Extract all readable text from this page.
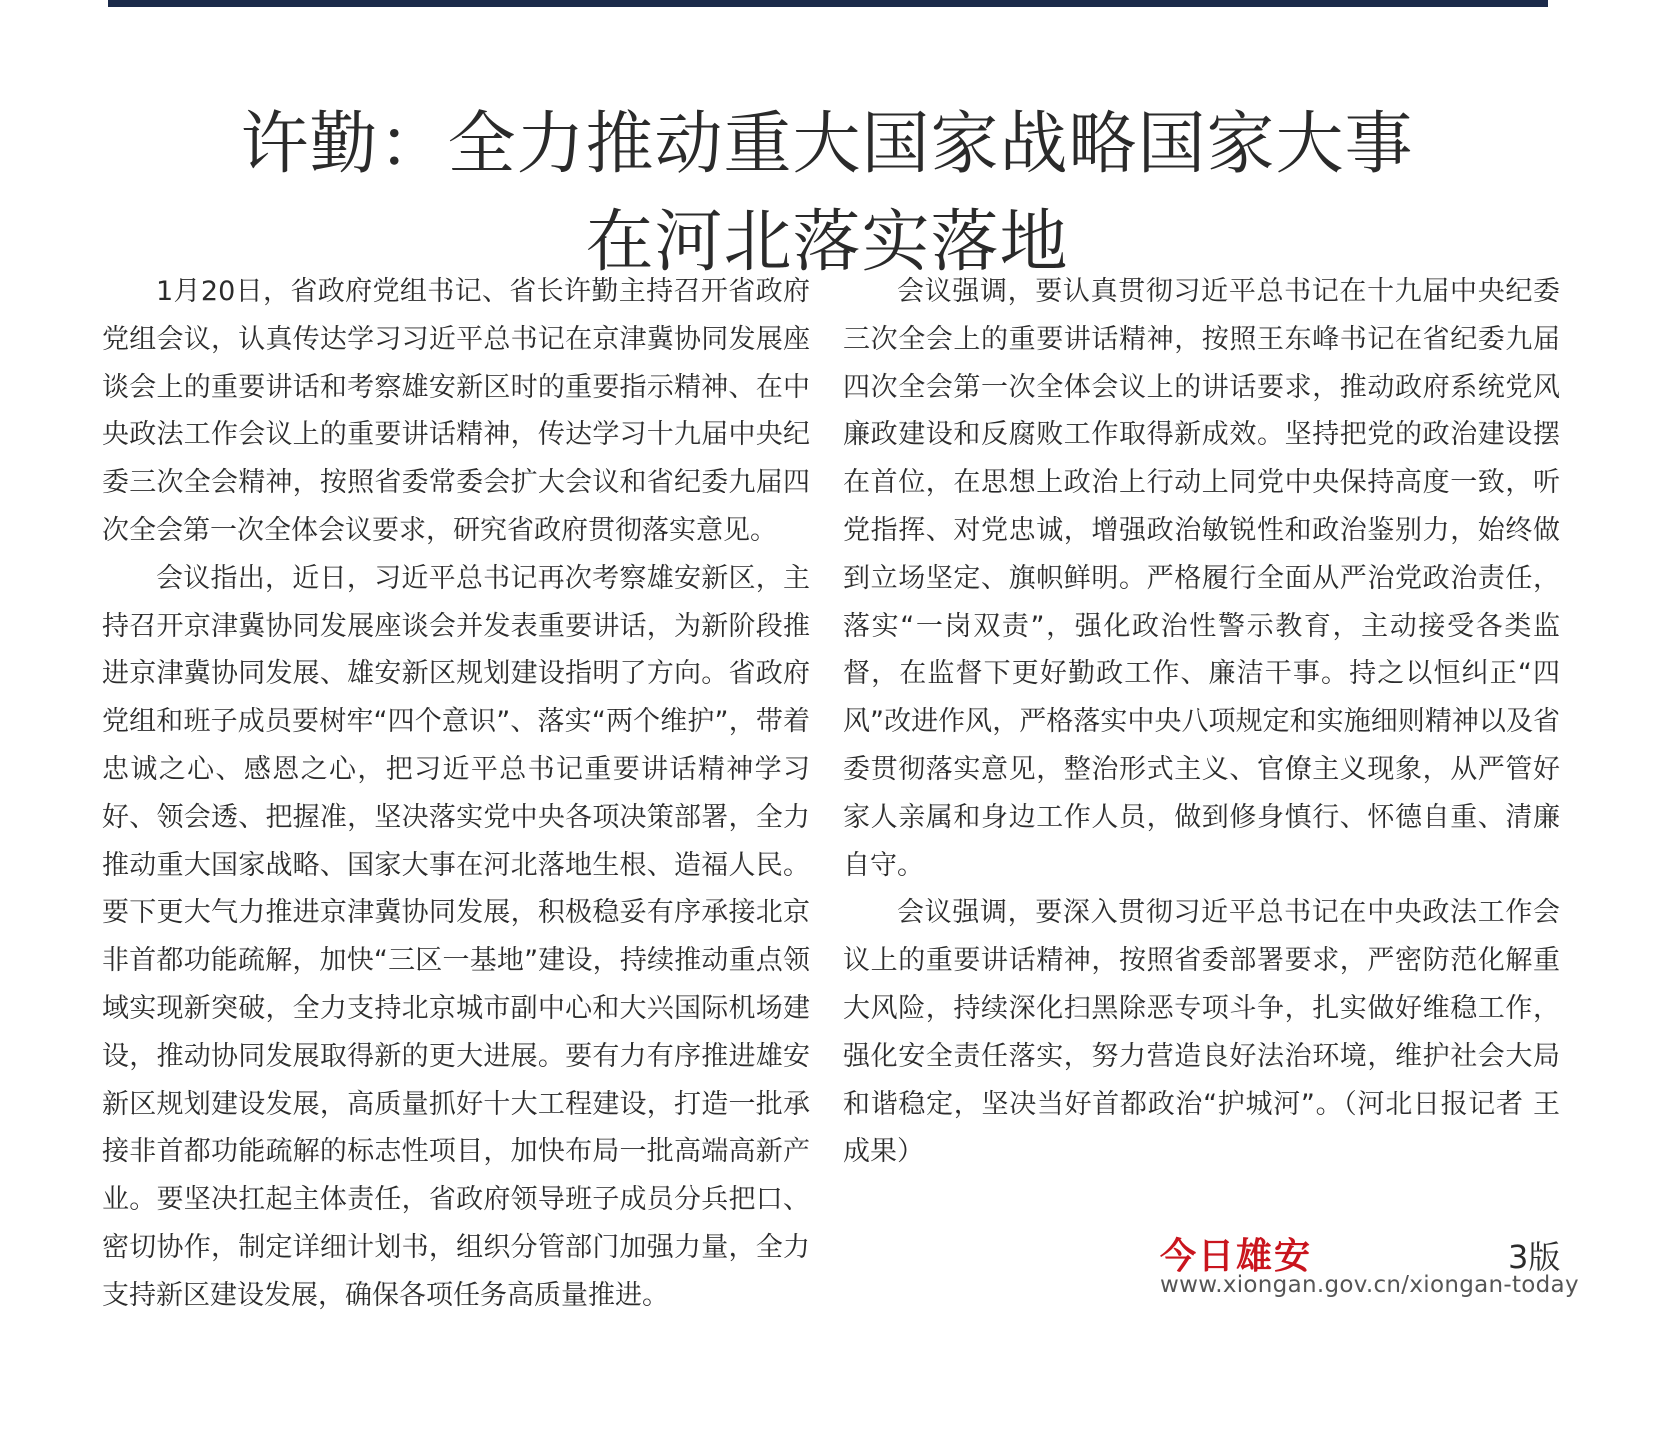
许勤：全力推动重大国家战略国家大事
在河北落实落地

1月20日，省政府党组书记、省长许勤主持召开省政府党组会议，认真传达学习习近平总书记在京津冀协同发展座谈会上的重要讲话和考察雄安新区时的重要指示精神、在中央政法工作会议上的重要讲话精神，传达学习十九届中央纪委三次全会精神，按照省委常委会扩大会议和省纪委九届四次全会第一次全体会议要求，研究省政府贯彻落实意见。

会议指出，近日，习近平总书记再次考察雄安新区，主持召开京津冀协同发展座谈会并发表重要讲话，为新阶段推进京津冀协同发展、雄安新区规划建设指明了方向。省政府党组和班子成员要树牢“四个意识”、落实“两个维护”，带着忠诚之心、感恩之心，把习近平总书记重要讲话精神学习好、领会透、把握准，坚决落实党中央各项决策部署，全力推动重大国家战略、国家大事在河北落地生根、造福人民。要下更大气力推进京津冀协同发展，积极稳妥有序承接北京非首都功能疏解，加快“三区一基地”建设，持续推动重点领域实现新突破，全力支持北京城市副中心和大兴国际机场建设，推动协同发展取得新的更大进展。要有力有序推进雄安新区规划建设发展，高质量抓好十大工程建设，打造一批承接非首都功能疏解的标志性项目，加快布局一批高端高新产业。要坚决扛起主体责任，省政府领导班子成员分兵把口、密切协作，制定详细计划书，组织分管部门加强力量，全力支持新区建设发展，确保各项任务高质量推进。

会议强调，要认真贯彻习近平总书记在十九届中央纪委三次全会上的重要讲话精神，按照王东峰书记在省纪委九届四次全会第一次全体会议上的讲话要求，推动政府系统党风廉政建设和反腐败工作取得新成效。坚持把党的政治建设摆在首位，在思想上政治上行动上同党中央保持高度一致，听党指挥、对党忠诚，增强政治敏锐性和政治鉴别力，始终做到立场坚定、旗帜鲜明。严格履行全面从严治党政治责任，落实“一岗双责”，强化政治性警示教育，主动接受各类监督，在监督下更好勤政工作、廉洁干事。持之以恒纠正“四风”改进作风，严格落实中央八项规定和实施细则精神以及省委贯彻落实意见，整治形式主义、官僚主义现象，从严管好家人亲属和身边工作人员，做到修身慎行、怀德自重、清廉自守。

会议强调，要深入贯彻习近平总书记在中央政法工作会议上的重要讲话精神，按照省委部署要求，严密防范化解重大风险，持续深化扫黑除恶专项斗争，扎实做好维稳工作，强化安全责任落实，努力营造良好法治环境，维护社会大局和谐稳定，坚决当好首都政治“护城河”。（河北日报记者 王成果）

今日雄安	3版
www.xiongan.gov.cn/xiongan-today
